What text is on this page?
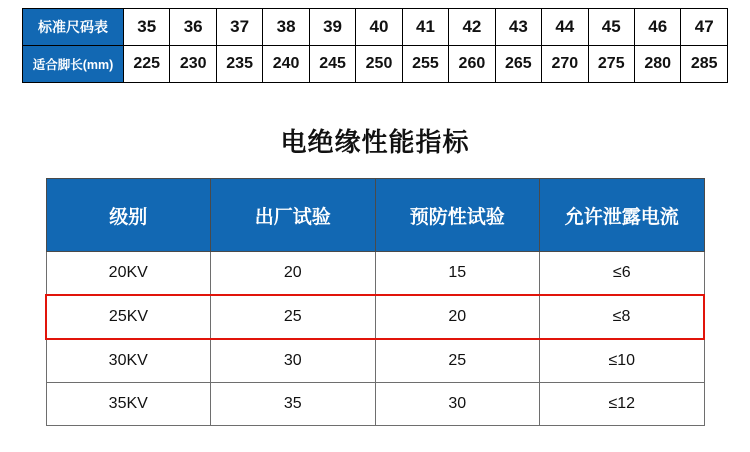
标准尺码表	35	36	37	38	39	40	41	42	43	44	45	46	47
适合脚长(mm)	225	230	235	240	245	250	255	260	265	270	275	280	285
电绝缘性能指标
级别	出厂试验	预防性试验	允许泄露电流
20KV	20	15	≤6
25KV	25	20	≤8
30KV	30	25	≤10
35KV	35	30	≤12
